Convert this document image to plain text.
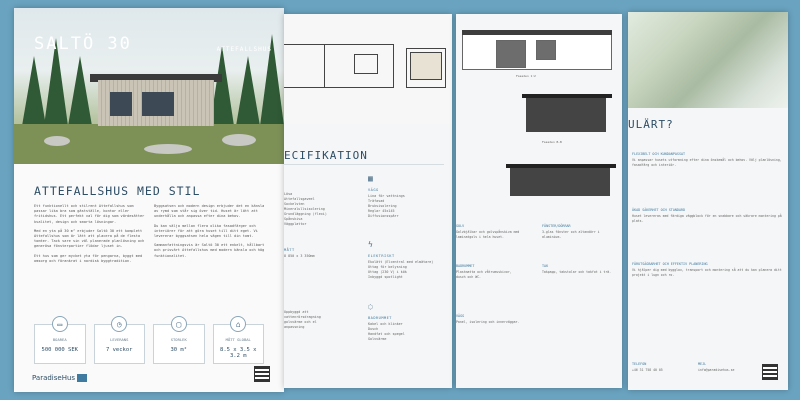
SALTÖ 30	ATTEFALLSHUS
ATTEFALLSHUS MED STIL

Ett funktionellt och stilrent Attefallshus som passar lika bra som gästställe, kontor eller fritidshus. Ett perfekt val för dig som värdesätter kvalitet, design och smarta lösningar.

Med en yta på 30 m² erbjuder Saltö 30 ett komplett Attefallshus som är lätt att placera på de flesta tomter. Tack vare sin väl planerade planlösning och generösa fönsterpartier flödar ljuset in.

Ett hus som ger mycket yta för pengarna, byggt med omsorg och förankrat i nordisk byggtradition.

Byggsatsen och modern design erbjuder det en känsla av rymd som står sig över tid. Huset är lätt att underhålla och anpassa efter dina behov.

Du kan välja mellan flera olika fasadfärger och interiörer för att göra huset till ditt eget. Vi levererar byggsatsen hela vägen till din tomt.

Sammanfattningsvis är Saltö 30 ett enkelt, hållbart och prisvärt Attefallshus med modern känsla och hög funktionalitet.

▭
BOAREA
500 000 SEK
◷
LEVERANS
7 veckor
▢
STORLEK
30 m²
⌂
MÅTT GLOBAL
8.5 x 3.5 x 3.2 m
ParadiseHus
ECIFIKATION
Lösa
Attefallsgaveel
Sockelsten
Mineralullsisolering
Grundläggning (flexi)
Spånskiva
Väggplattor
▦
VÄGG
Lina för vattnings
Träfasad
Bruksisolering
Reglar 45x145
Diffusionsspärr
MÅTT
8 850 x 3 350mm
ϟ
ELEKTRISKT
Ekolätt (Elcentral med elmätare)
Uttag för belysning
Uttag (230 V) i kök
Inbyggd spotlight
Uppbyggd att
vattenrörsdragning
golvvärme och el
anpassning
◌
BADRUMMET
Kakel och klinker
Dusch
Handfat och spegel
Golvvärme
Fasaden 1:2
Fasaden B-B
GOLV
Golvbjälkar och golvspånskiva med laminatgolv i hela huset.
FÖNSTER/DÖRRAR
3-glas fönster och altandörr i aluminium.
BADRUMMET
Plastmatta och våtrumsskivor, dusch och WC.
TAK
Takpapp, takstolar och takfot i trä.
VÄGG
Panel, isolering och innerväggar.
ULÄRT?
FLEXIBELT OCH KUNDANPASSAT
Vi anpassar husets utformning efter dina önskemål och behov. Välj planlösning, fasadfärg och interiör.
ÖKAD SÄKERHET OCH STANDARD
Huset levereras med färdiga väggblock för en snabbare och säkrare montering på plats.
FÖRUTSÄGBARHET OCH EFFEKTIV PLANERING
Vi hjälper dig med bygglov, transport och montering så att du kan planera ditt projekt i lugn och ro.
TELEFON
+46 31 758 40 05
MEJL
info@paradisehus.se
